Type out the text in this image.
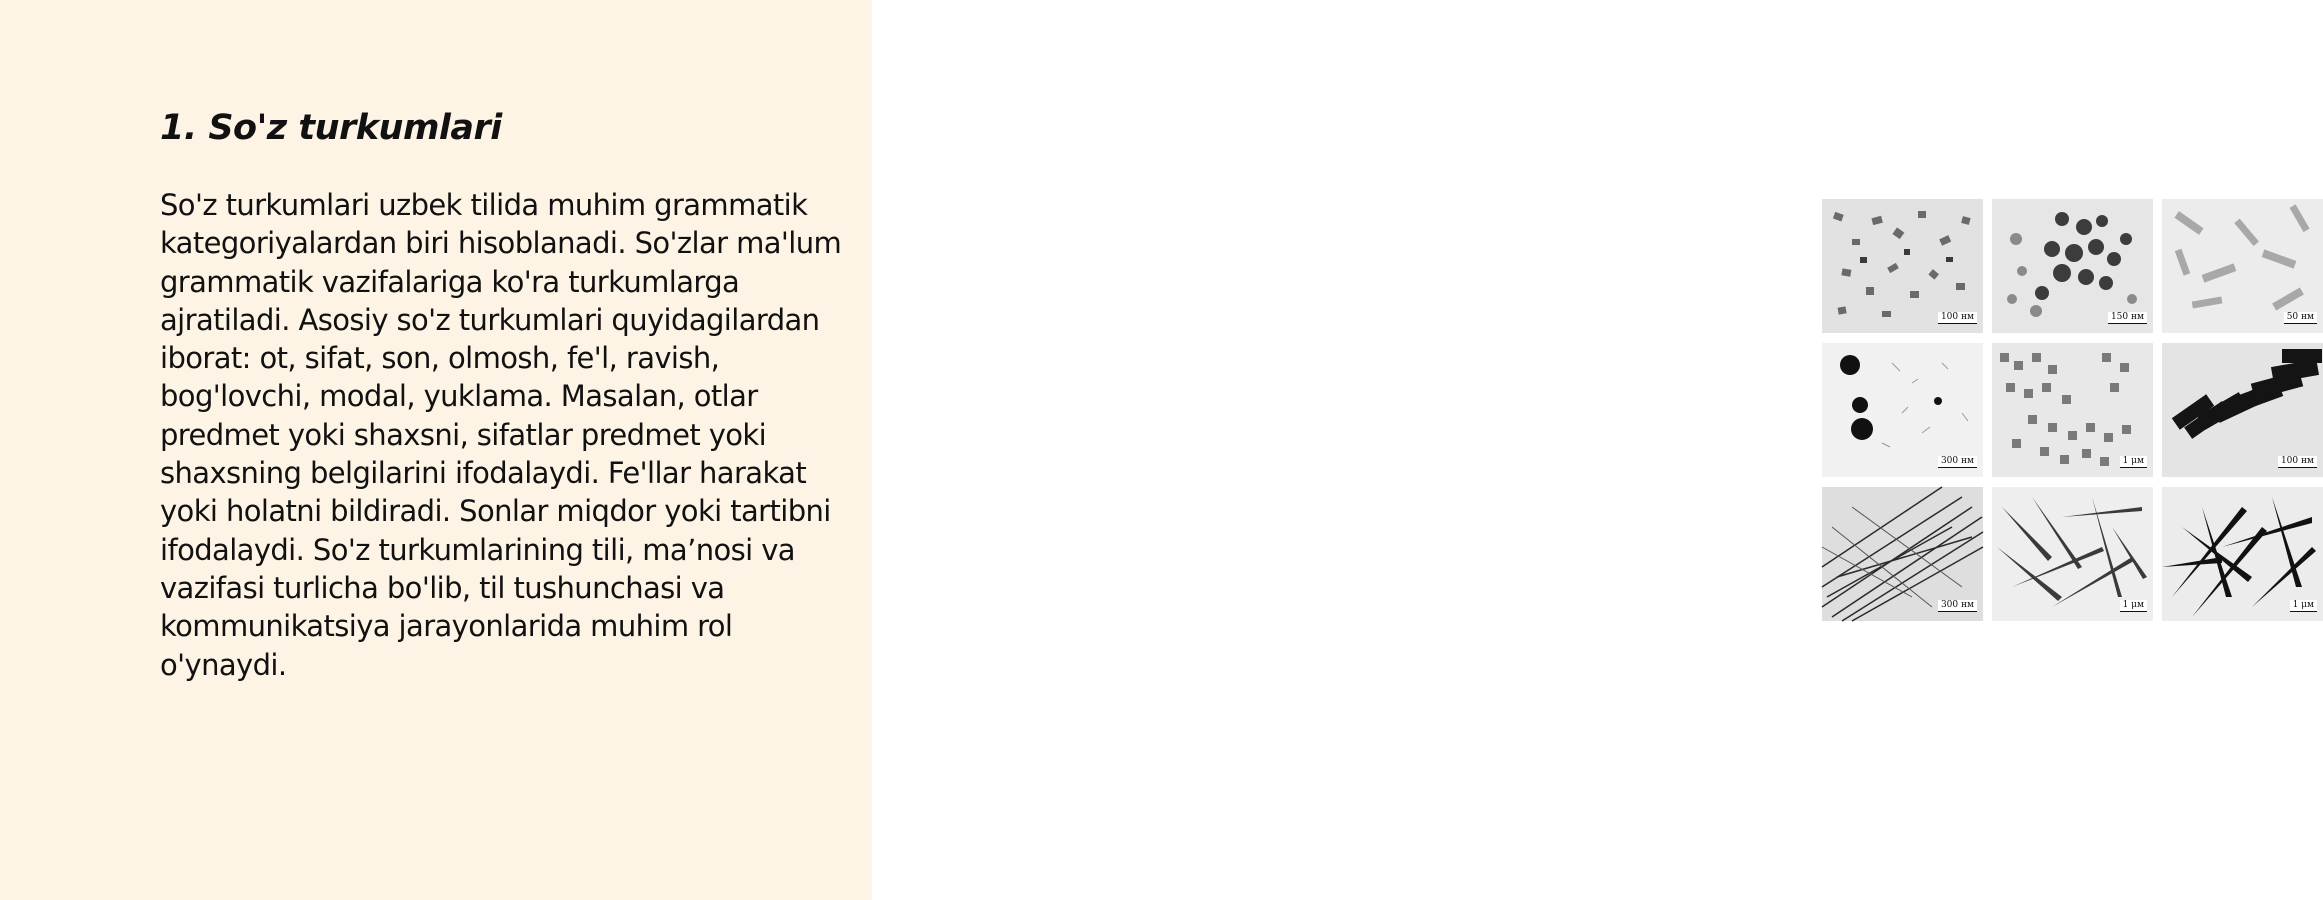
1. So'z turkumlari

So'z turkumlari uzbek tilida muhim grammatik kategoriyalardan biri hisoblanadi. So'zlar ma'lum grammatik vazifalariga ko'ra turkumlarga ajratiladi. Asosiy so'z turkumlari quyidagilardan iborat: ot, sifat, son, olmosh, fe'l, ravish, bog'lovchi, modal, yuklama. Masalan, otlar predmet yoki shaxsni, sifatlar predmet yoki shaxsning belgilarini ifodalaydi. Fe'llar harakat yoki holatni bildiradi. Sonlar miqdor yoki tartibni ifodalaydi. So'z turkumlarining tili, ma’nosi va vazifasi turlicha bo'lib, til tushunchasi va kommunikatsiya jarayonlarida muhim rol o'ynaydi.

100 нм	150 нм	50 нм
300 нм	1 μм	100 нм
300 нм	1 μм	1 μм
